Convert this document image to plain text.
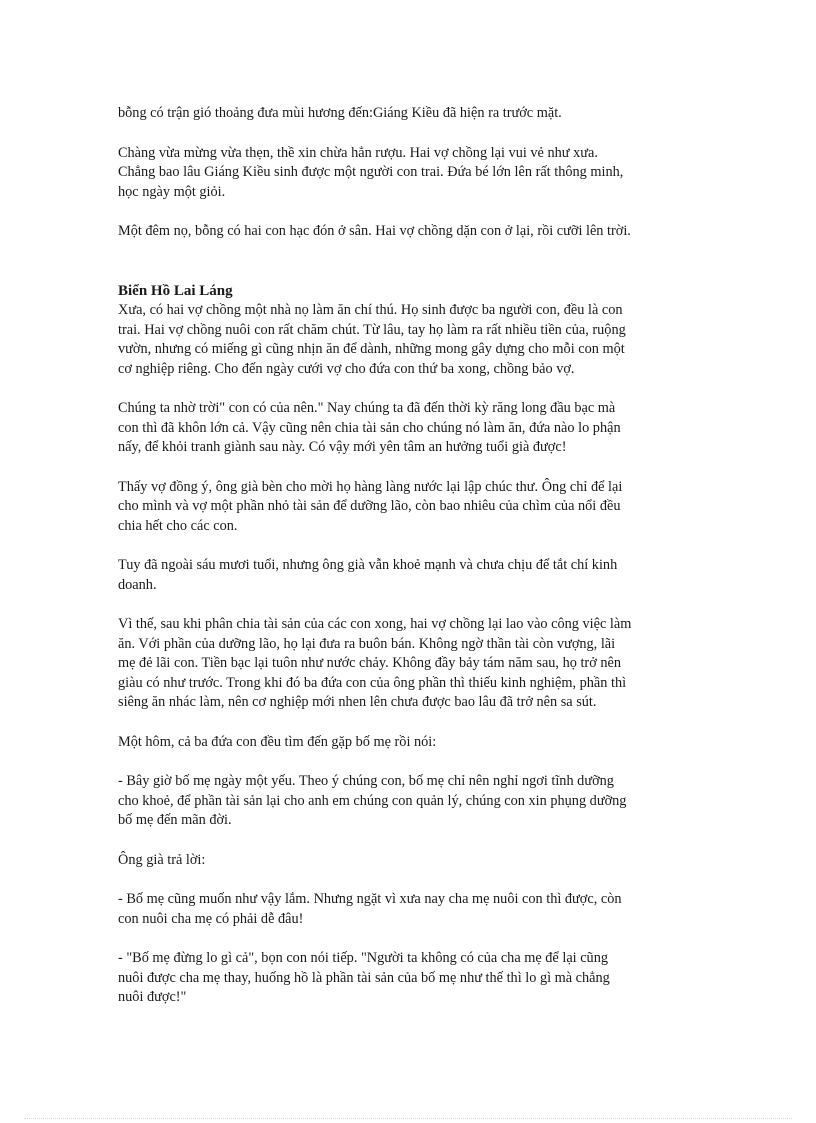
bỗng có trận gió thoảng đưa mùi hương đến:Giáng Kiều đã hiện ra trước mặt.

Chàng vừa mừng vừa thẹn, thề xin chừa hẳn rượu. Hai vợ chồng lại vui vẻ như xưa.
Chẳng bao lâu Giáng Kiều sinh được một người con trai. Đứa bé lớn lên rất thông minh,
học ngày một giỏi.

Một đêm nọ, bỗng có hai con hạc đón ở sân. Hai vợ chồng dặn con ở lại, rồi cưỡi lên trời.

Biển Hồ Lai Láng

Xưa, có hai vợ chồng một nhà nọ làm ăn chí thú. Họ sinh được ba người con, đều là con
trai. Hai vợ chồng nuôi con rất chăm chút. Từ lâu, tay họ làm ra rất nhiều tiền của, ruộng
vườn, nhưng có miếng gì cũng nhịn ăn để dành, những mong gây dựng cho mỗi con một
cơ nghiệp riêng. Cho đến ngày cưới vợ cho đứa con thứ ba xong, chồng bảo vợ.

Chúng ta nhờ trời" con có của nên." Nay chúng ta đã đến thời kỳ răng long đầu bạc mà
con thì đã khôn lớn cả. Vậy cũng nên chia tài sản cho chúng nó làm ăn, đứa nào lo phận
nấy, để khỏi tranh giành sau này. Có vậy mới yên tâm an hưởng tuổi già được!

Thấy vợ đồng ý, ông già bèn cho mời họ hàng làng nước lại lập chúc thư. Ông chỉ để lại
cho mình và vợ một phần nhỏ tài sản để dưỡng lão, còn bao nhiêu của chìm của nổi đều
chia hết cho các con.

Tuy đã ngoài sáu mươi tuổi, nhưng ông già vẫn khoẻ mạnh và chưa chịu để tắt chí kinh
doanh.

Vì thế, sau khi phân chia tài sản của các con xong, hai vợ chồng lại lao vào công việc làm
ăn. Với phần của dưỡng lão, họ lại đưa ra buôn bán. Không ngờ thần tài còn vượng, lãi
mẹ đẻ lãi con. Tiền bạc lại tuôn như nước chảy. Không đầy bảy tám năm sau, họ trở nên
giàu có như trước. Trong khi đó ba đứa con của ông phần thì thiếu kinh nghiệm, phần thì
siêng ăn nhác làm, nên cơ nghiệp mới nhen lên chưa được bao lâu đã trở nên sa sút.

Một hôm, cả ba đứa con đều tìm đến gặp bố mẹ rồi nói:

- Bây giờ bố mẹ ngày một yếu. Theo ý chúng con, bố mẹ chỉ nên nghỉ ngơi tĩnh dưỡng
cho khoẻ, để phần tài sản lại cho anh em chúng con quản lý, chúng con xin phụng dưỡng
bố mẹ đến mãn đời.

Ông già trả lời:

- Bố mẹ cũng muốn như vậy lắm. Nhưng ngặt vì xưa nay cha mẹ nuôi con thì được, còn
con nuôi cha mẹ có phải dễ đâu!

- "Bố mẹ đừng lo gì cả", bọn con nói tiếp. "Người ta không có của cha mẹ để lại cũng
nuôi được cha mẹ thay, huống hồ là phần tài sản của bố mẹ như thế thì lo gì mà chẳng
nuôi được!"
